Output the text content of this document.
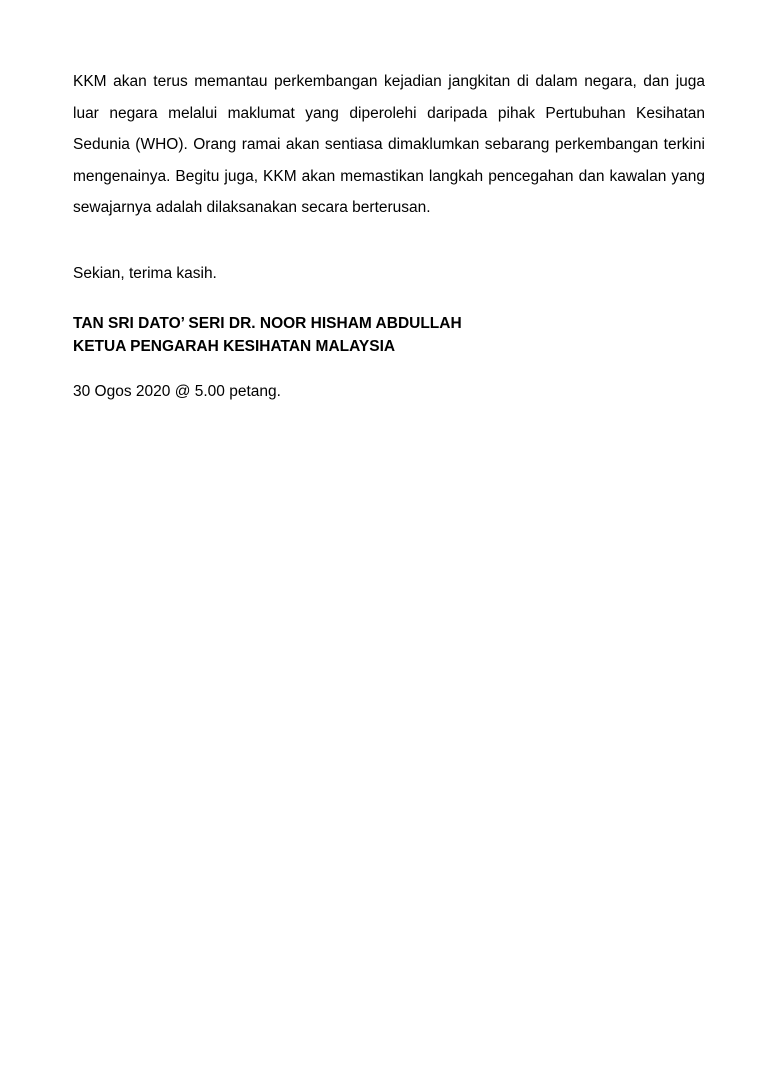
KKM akan terus memantau perkembangan kejadian jangkitan di dalam negara, dan juga luar negara melalui maklumat yang diperolehi daripada pihak Pertubuhan Kesihatan Sedunia (WHO). Orang ramai akan sentiasa dimaklumkan sebarang perkembangan terkini mengenainya. Begitu juga, KKM akan memastikan langkah pencegahan dan kawalan yang sewajarnya adalah dilaksanakan secara berterusan.

Sekian, terima kasih.

TAN SRI DATO’ SERI DR. NOOR HISHAM ABDULLAH

KETUA PENGARAH KESIHATAN MALAYSIA

30 Ogos 2020 @ 5.00 petang.
